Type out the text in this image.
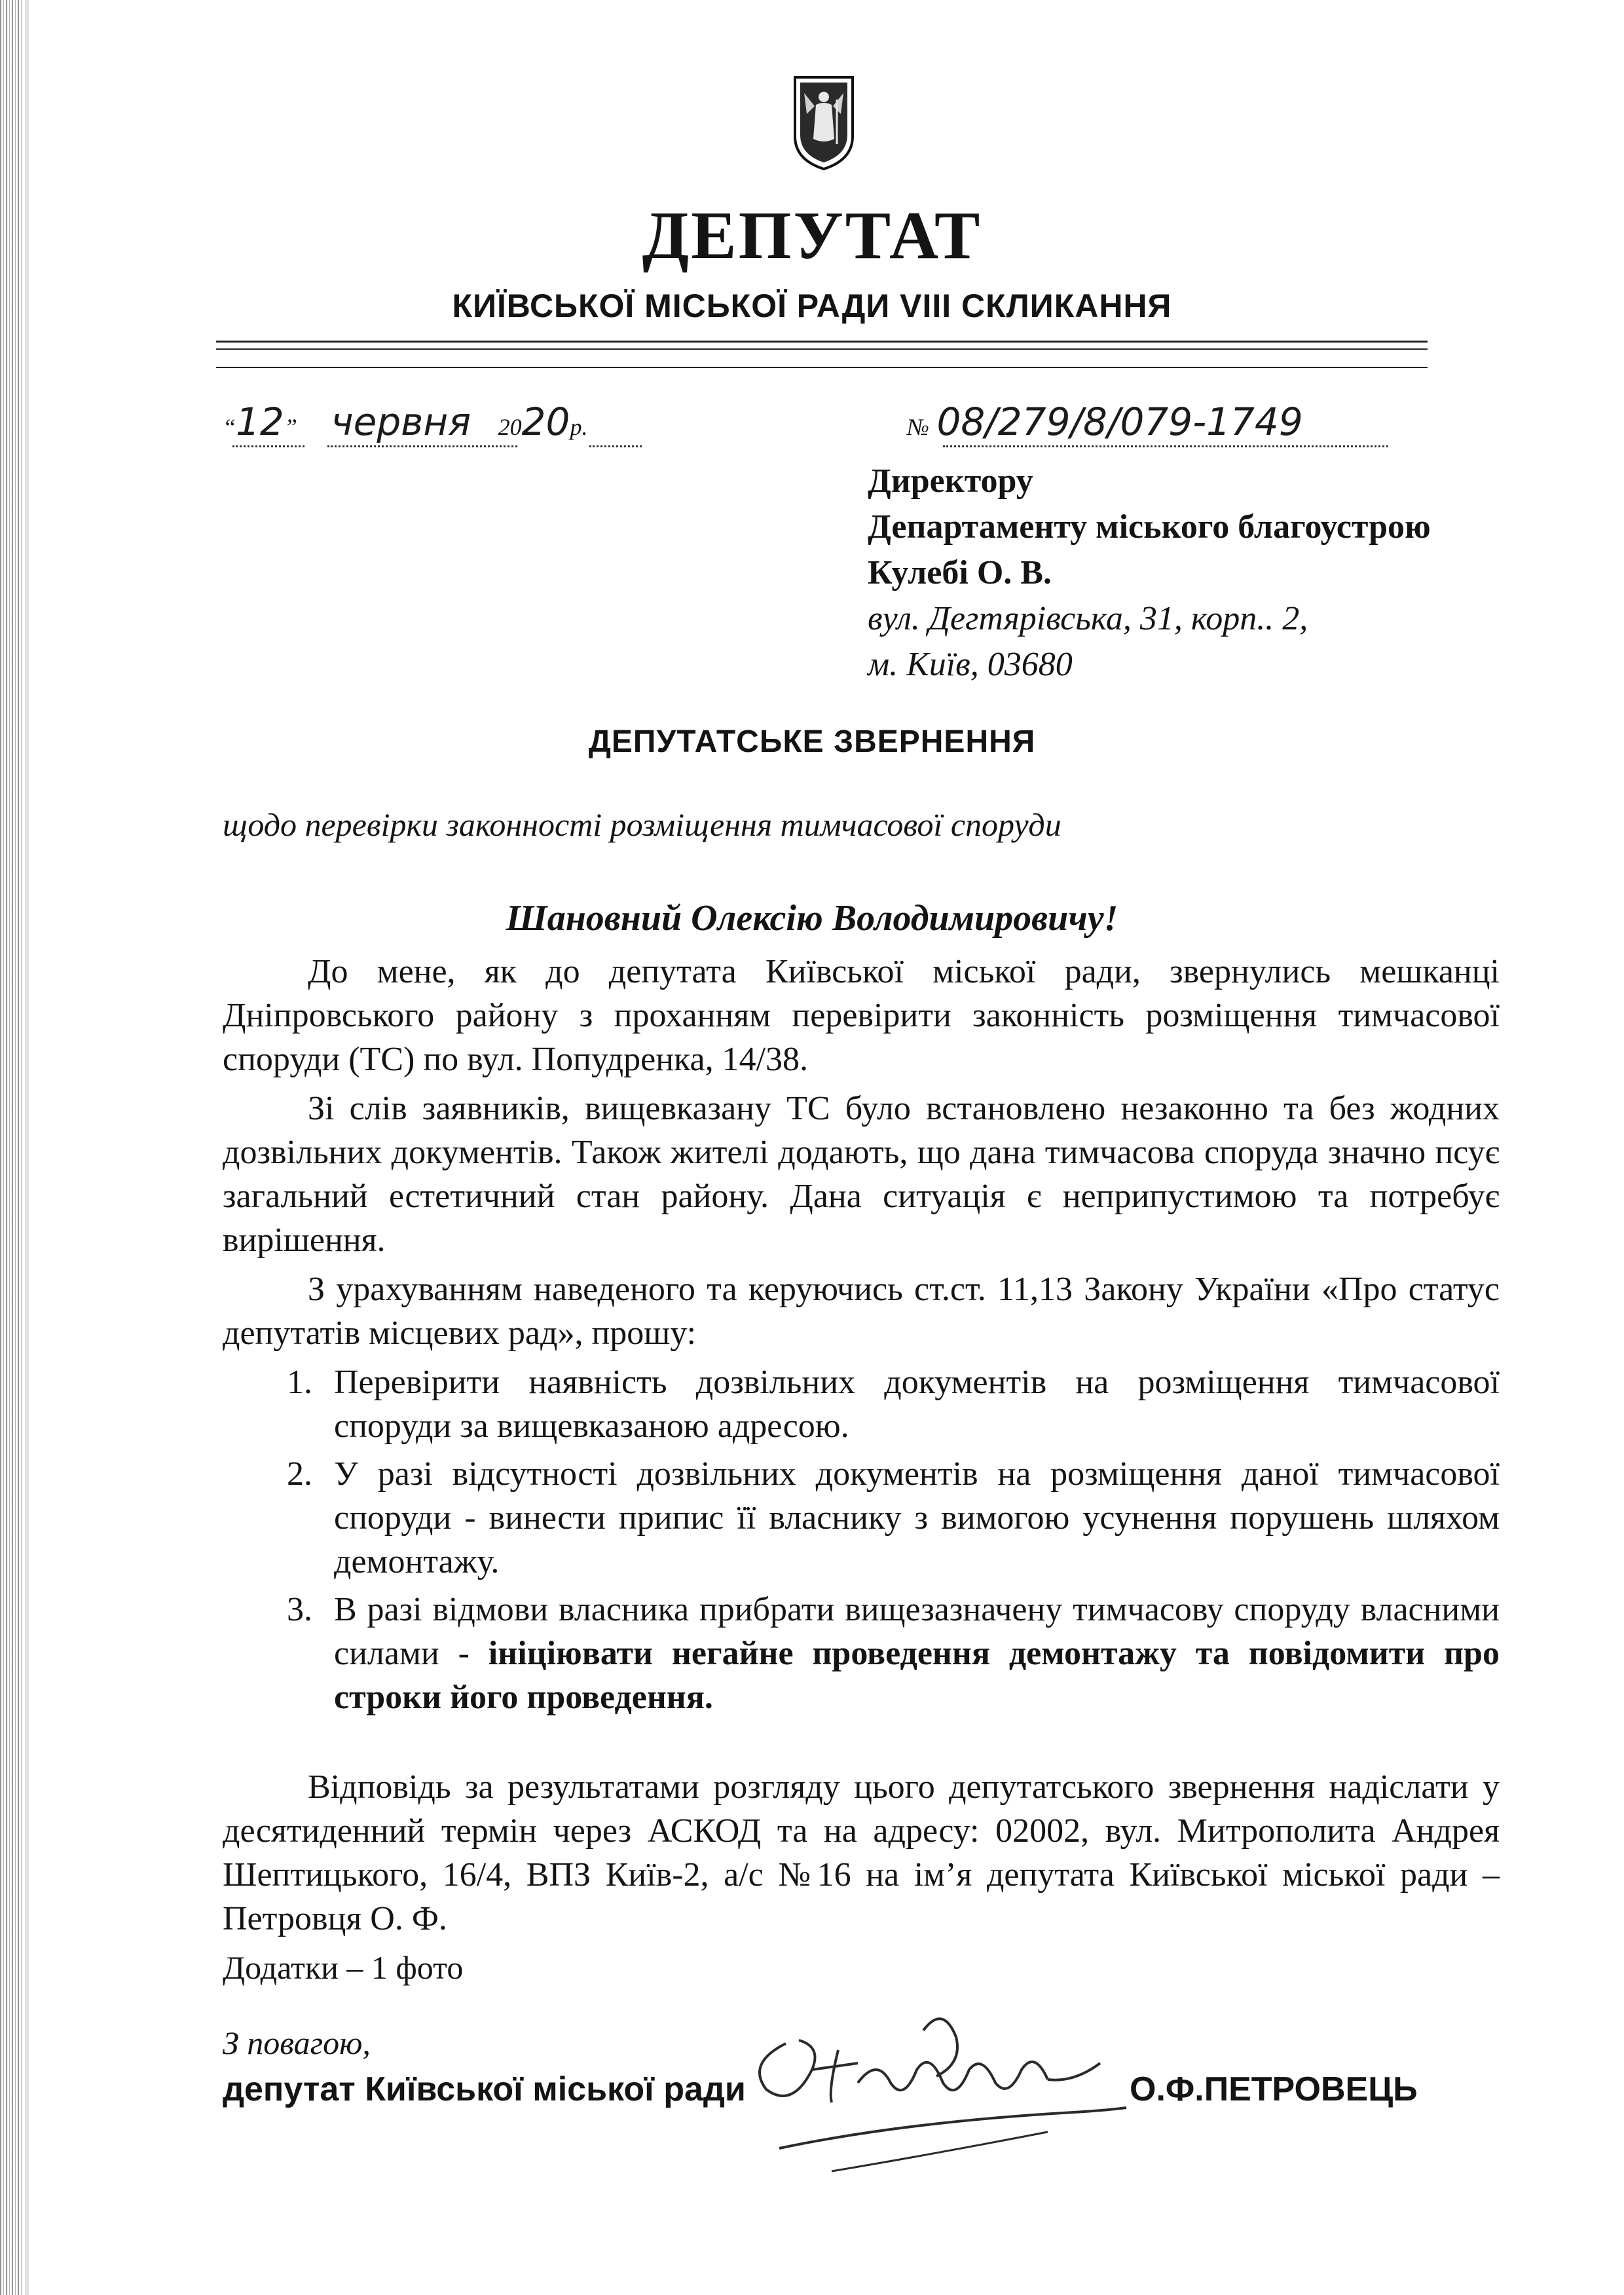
ДЕПУТАТ
КИЇВСЬКОЇ МІСЬКОЇ РАДИ VIII СКЛИКАННЯ
“12” червня 2020р.	№ 08/279/8/079-1749
Директору
Департаменту міського благоустрою
Кулебі О. В.
вул. Дегтярівська, 31, корп.. 2,
м. Київ, 03680
ДЕПУТАТСЬКЕ ЗВЕРНЕННЯ
щодо перевірки законності розміщення тимчасової споруди
Шановний Олексію Володимировичу!

До мене, як до депутата Київської міської ради, звернулись мешканці Дніпровського району з проханням перевірити законність розміщення тимчасової споруди (ТС) по вул. Попудренка, 14/38.

Зі слів заявників, вищевказану ТС було встановлено незаконно та без жодних дозвільних документів. Також жителі додають, що дана тимчасова споруда значно псує загальний естетичний стан району. Дана ситуація є неприпустимою та потребує вирішення.

З урахуванням наведеного та керуючись ст.ст. 11,13 Закону України «Про статус депутатів місцевих рад», прошу:

1. Перевірити наявність дозвільних документів на розміщення тимчасової споруди за вищевказаною адресою.
2. У разі відсутності дозвільних документів на розміщення даної тимчасової споруди - винести припис її власнику з вимогою усунення порушень шляхом демонтажу.
3. В разі відмови власника прибрати вищезазначену тимчасову споруду власними силами - ініціювати негайне проведення демонтажу та повідомити про строки його проведення.

Відповідь за результатами розгляду цього депутатського звернення надіслати у десятиденний термін через АСКОД та на адресу: 02002, вул. Митрополита Андрея Шептицького, 16/4, ВПЗ Київ-2, а/с №16 на ім’я депутата Київської міської ради – Петровця О. Ф.

Додатки – 1 фото
З повагою,
депутат Київської міської ради	О.Ф.ПЕТРОВЕЦЬ
